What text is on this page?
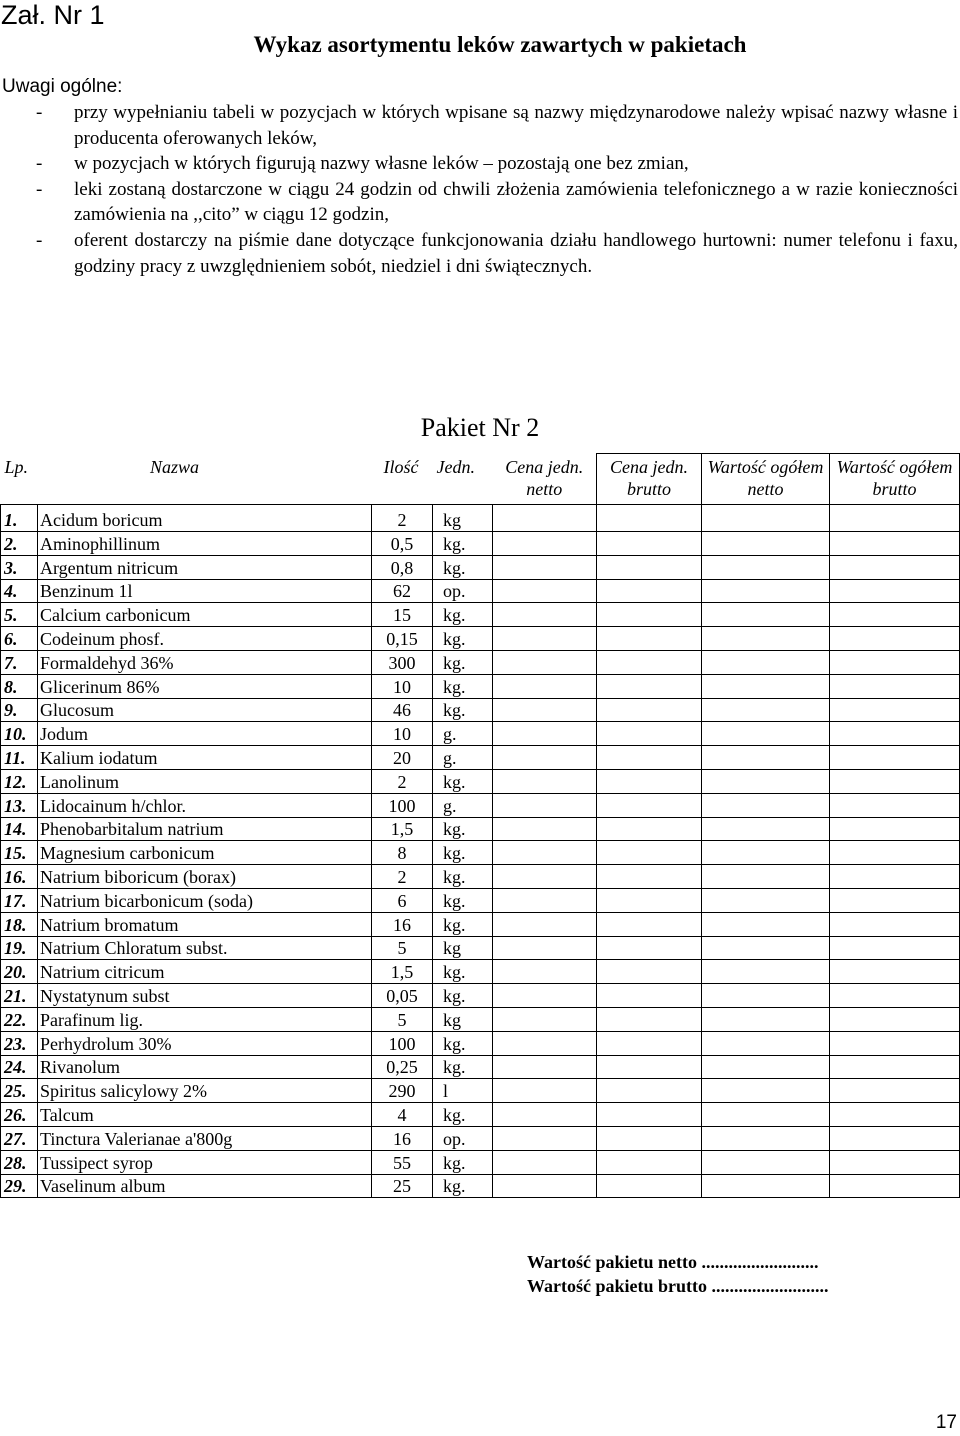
Zał. Nr 1
Wykaz asortymentu leków zawartych w pakietach
Uwagi ogólne:
- przy wypełnianiu tabeli w pozycjach w których wpisane są nazwy międzynarodowe należy wpisać nazwy własne i producenta oferowanych leków,
- w pozycjach w których figurują nazwy własne leków – pozostają one bez zmian,
- leki zostaną dostarczone w ciągu 24 godzin od chwili złożenia zamówienia telefonicznego a w razie konieczności zamówienia na ,,cito” w ciągu 12 godzin,
- oferent dostarczy na piśmie dane dotyczące funkcjonowania działu handlowego hurtowni: numer telefonu i faxu, godziny pracy z uwzględnieniem sobót, niedziel i dni świątecznych.
Pakiet Nr 2
Lp.	Nazwa	Ilość	Jedn.	Cena jedn. netto	Cena jedn. brutto	Wartość ogółem netto	Wartość ogółem brutto
1.	Acidum boricum	2	kg				
2.	Aminophillinum	0,5	kg.				
3.	Argentum nitricum	0,8	kg.				
4.	Benzinum 1l	62	op.				
5.	Calcium carbonicum	15	kg.				
6.	Codeinum phosf.	0,15	kg.				
7.	Formaldehyd 36%	300	kg.				
8.	Glicerinum 86%	10	kg.				
9.	Glucosum	46	kg.				
10.	Jodum	10	g.				
11.	Kalium iodatum	20	g.				
12.	Lanolinum	2	kg.				
13.	Lidocainum h/chlor.	100	g.				
14.	Phenobarbitalum natrium	1,5	kg.				
15.	Magnesium carbonicum	8	kg.				
16.	Natrium biboricum (borax)	2	kg.				
17.	Natrium bicarbonicum (soda)	6	kg.				
18.	Natrium bromatum	16	kg.				
19.	Natrium Chloratum subst.	5	kg				
20.	Natrium citricum	1,5	kg.				
21.	Nystatynum subst	0,05	kg.				
22.	Parafinum lig.	5	kg				
23.	Perhydrolum 30%	100	kg.				
24.	Rivanolum	0,25	kg.				
25.	Spiritus salicylowy 2%	290	l				
26.	Talcum	4	kg.				
27.	Tinctura Valerianae a'800g	16	op.				
28.	Tussipect syrop	55	kg.				
29.	Vaselinum album	25	kg.				
Wartość pakietu netto ..........................
Wartość pakietu brutto ..........................
17
